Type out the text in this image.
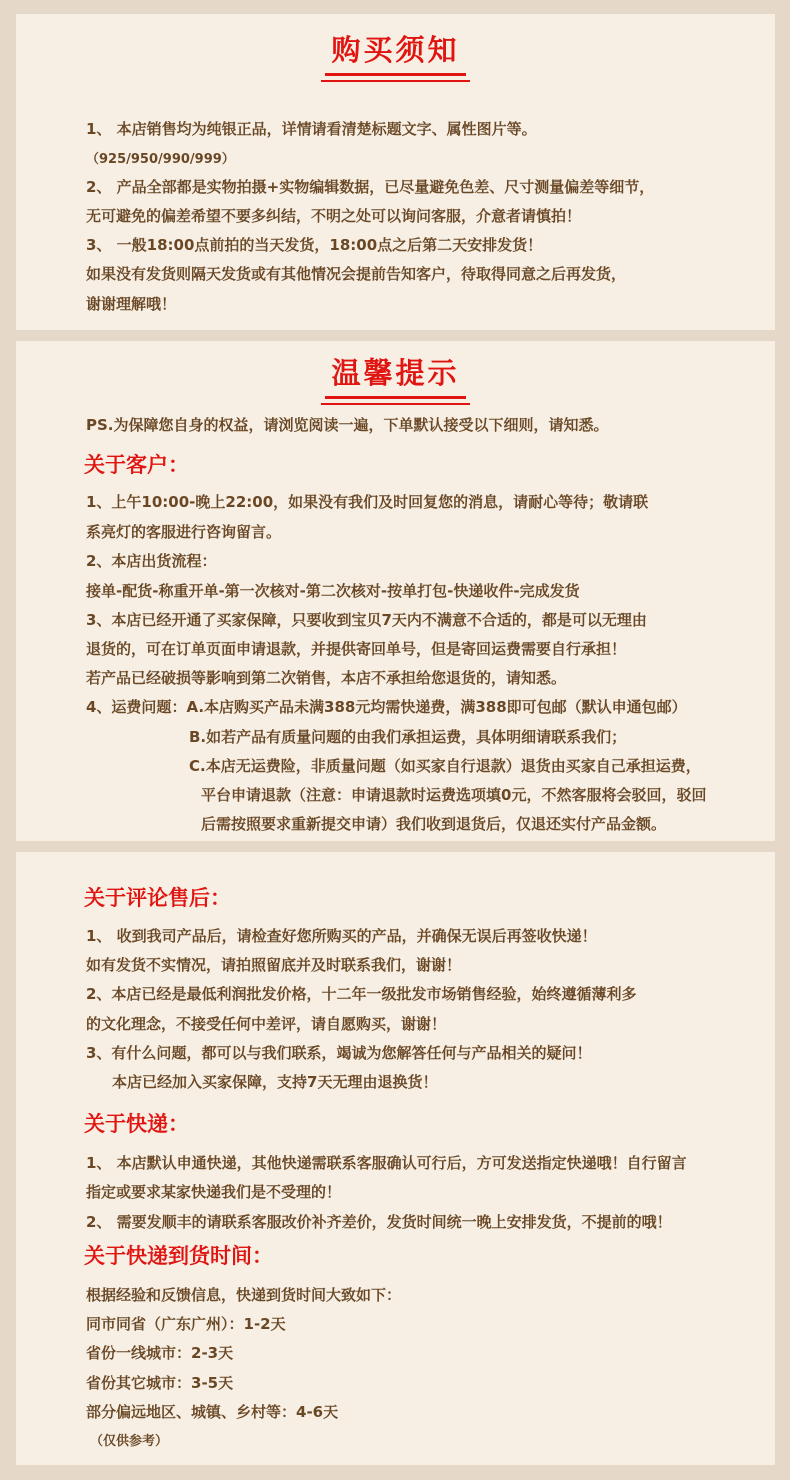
购买须知
1、 本店销售均为纯银正品，详情请看清楚标题文字、属性图片等。
（925/950/990/999）
2、 产品全部都是实物拍摄+实物编辑数据，已尽量避免色差、尺寸测量偏差等细节，
无可避免的偏差希望不要多纠结，不明之处可以询问客服，介意者请慎拍！
3、 一般18:00点前拍的当天发货，18:00点之后第二天安排发货！
如果没有发货则隔天发货或有其他情况会提前告知客户，待取得同意之后再发货，
谢谢理解哦！
温馨提示
PS.为保障您自身的权益，请浏览阅读一遍，下单默认接受以下细则，请知悉。
关于客户：
1、上午10:00-晚上22:00，如果没有我们及时回复您的消息，请耐心等待；敬请联
系亮灯的客服进行咨询留言。
2、本店出货流程：
接单-配货-称重开单-第一次核对-第二次核对-按单打包-快递收件-完成发货
3、本店已经开通了买家保障，只要收到宝贝7天内不满意不合适的，都是可以无理由
退货的，可在订单页面申请退款，并提供寄回单号，但是寄回运费需要自行承担！
若产品已经破损等影响到第二次销售，本店不承担给您退货的，请知悉。
4、运费问题：A.本店购买产品未满388元均需快递费，满388即可包邮（默认申通包邮）
B.如若产品有质量问题的由我们承担运费，具体明细请联系我们；
C.本店无运费险，非质量问题（如买家自行退款）退货由买家自己承担运费，
平台申请退款（注意：申请退款时运费选项填0元，不然客服将会驳回，驳回
后需按照要求重新提交申请）我们收到退货后，仅退还实付产品金额。
关于评论售后：
1、 收到我司产品后，请检查好您所购买的产品，并确保无误后再签收快递！
如有发货不实情况，请拍照留底并及时联系我们，谢谢！
2、本店已经是最低利润批发价格，十二年一级批发市场销售经验，始终遵循薄利多
的文化理念，不接受任何中差评，请自愿购买，谢谢！
3、有什么问题，都可以与我们联系，竭诚为您解答任何与产品相关的疑问！
本店已经加入买家保障，支持7天无理由退换货！
关于快递：
1、 本店默认申通快递，其他快递需联系客服确认可行后，方可发送指定快递哦！自行留言
指定或要求某家快递我们是不受理的！
2、 需要发顺丰的请联系客服改价补齐差价，发货时间统一晚上安排发货，不提前的哦！
关于快递到货时间：
根据经验和反馈信息，快递到货时间大致如下：
同市同省（广东广州）：1-2天
省份一线城市：2-3天
省份其它城市：3-5天
部分偏远地区、城镇、乡村等：4-6天
（仅供参考）
